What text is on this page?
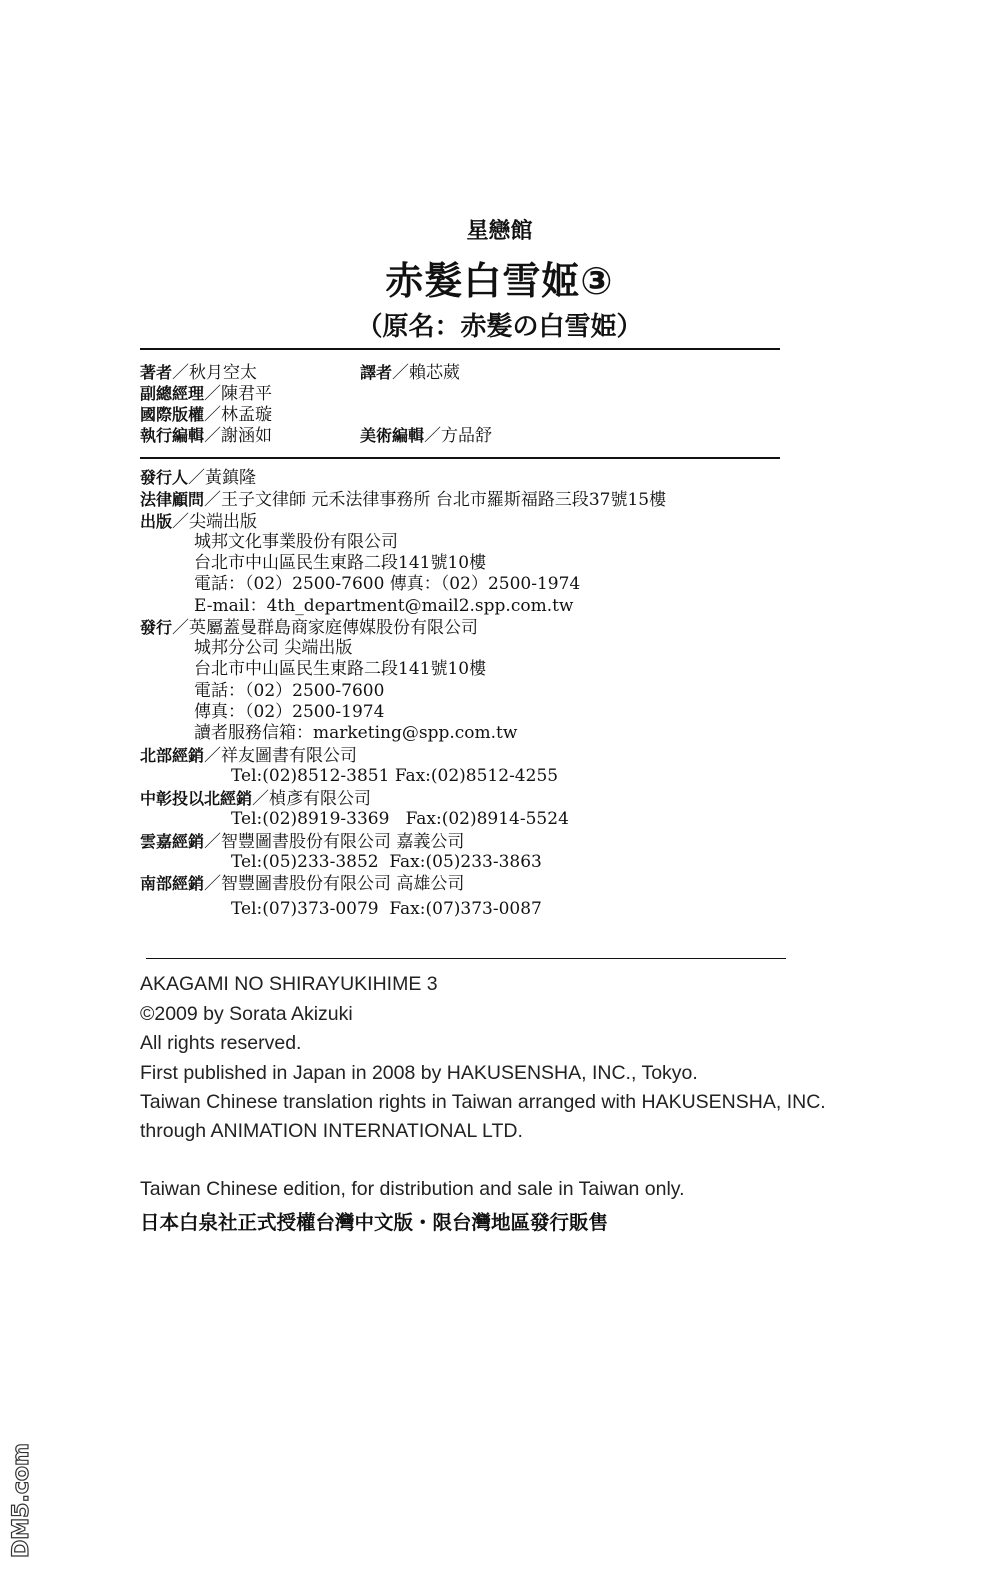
星戀館
赤髮白雪姬③
（原名：赤髪の白雪姫）
著者／秋月空太	譯者／賴芯葳
副總經理／陳君平
國際版權／林孟璇
執行編輯／謝涵如	美術編輯／方品舒
發行人／黃鎮隆
法律顧問／王子文律師 元禾法律事務所 台北市羅斯福路三段37號15樓
出版／尖端出版
城邦文化事業股份有限公司
台北市中山區民生東路二段141號10樓
電話：（02）2500-7600 傳真：（02）2500-1974
E-mail：4th_department@mail2.spp.com.tw
發行／英屬蓋曼群島商家庭傳媒股份有限公司
城邦分公司 尖端出版
台北市中山區民生東路二段141號10樓
電話：（02）2500-7600
傳真：（02）2500-1974
讀者服務信箱：marketing@spp.com.tw
北部經銷／祥友圖書有限公司
Tel:(02)8512-3851 Fax:(02)8512-4255
中彰投以北經銷／楨彥有限公司
Tel:(02)8919-3369   Fax:(02)8914-5524
雲嘉經銷／智豐圖書股份有限公司 嘉義公司
Tel:(05)233-3852  Fax:(05)233-3863
南部經銷／智豐圖書股份有限公司 高雄公司
Tel:(07)373-0079  Fax:(07)373-0087
AKAGAMI NO SHIRAYUKIHIME 3
©2009 by Sorata Akizuki
All rights reserved.
First published in Japan in 2008 by HAKUSENSHA, INC., Tokyo.
Taiwan Chinese translation rights in Taiwan arranged with HAKUSENSHA, INC.
through ANIMATION INTERNATIONAL LTD.
Taiwan Chinese edition, for distribution and sale in Taiwan only.
日本白泉社正式授權台灣中文版・限台灣地區發行販售
DM5.com
